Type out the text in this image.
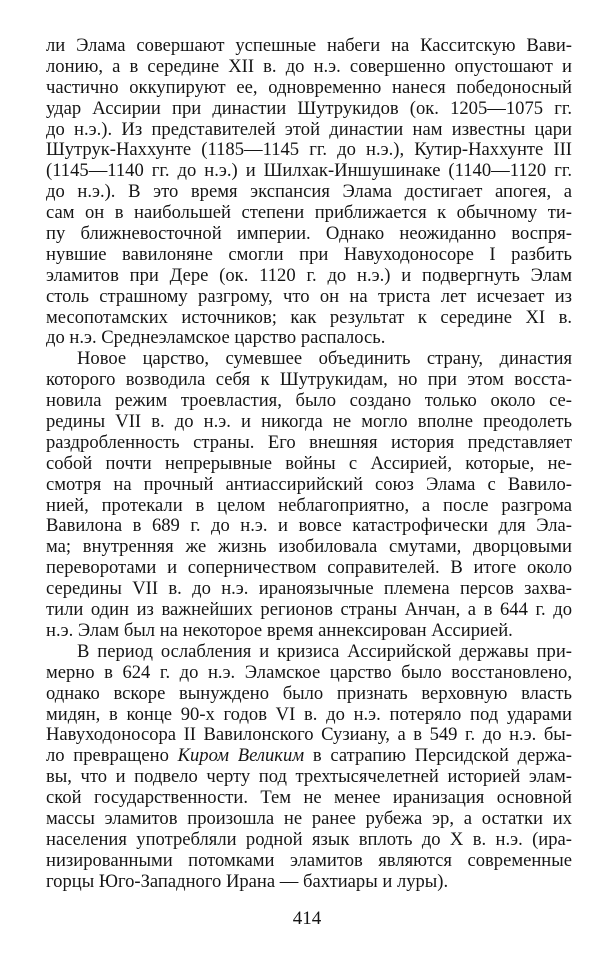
ли Элама совершают успешные набеги на Касситскую Вави-
лонию, а в середине XII в. до н.э. совершенно опустошают и
частично оккупируют ее, одновременно нанеся победоносный
удар Ассирии при династии Шутрукидов (ок. 1205—1075 гг.
до н.э.). Из представителей этой династии нам известны цари
Шутрук-Наххунте (1185—1145 гг. до н.э.), Кутир-Наххунте III
(1145—1140 гг. до н.э.) и Шилхак-Иншушинаке (1140—1120 гг.
до н.э.). В это время экспансия Элама достигает апогея, а
сам он в наибольшей степени приближается к обычному ти-
пу ближневосточной империи. Однако неожиданно воспря-
нувшие вавилоняне смогли при Навуходоносоре I разбить
эламитов при Дере (ок. 1120 г. до н.э.) и подвергнуть Элам
столь страшному разгрому, что он на триста лет исчезает из
месопотамских источников; как результат к середине XI в.
до н.э. Среднеэламское царство распалось.
Новое царство, сумевшее объединить страну, династия
которого возводила себя к Шутрукидам, но при этом восста-
новила режим троевластия, было создано только около се-
редины VII в. до н.э. и никогда не могло вполне преодолеть
раздробленность страны. Его внешняя история представляет
собой почти непрерывные войны с Ассирией, которые, не-
смотря на прочный антиассирийский союз Элама с Вавило-
нией, протекали в целом неблагоприятно, а после разгрома
Вавилона в 689 г. до н.э. и вовсе катастрофически для Эла-
ма; внутренняя же жизнь изобиловала смутами, дворцовыми
переворотами и соперничеством соправителей. В итоге около
середины VII в. до н.э. ираноязычные племена персов захва-
тили один из важнейших регионов страны Анчан, а в 644 г. до
н.э. Элам был на некоторое время аннексирован Ассирией.
В период ослабления и кризиса Ассирийской державы при-
мерно в 624 г. до н.э. Эламское царство было восстановлено,
однако вскоре вынуждено было признать верховную власть
мидян, в конце 90-х годов VI в. до н.э. потеряло под ударами
Навуходоносора II Вавилонского Сузиану, а в 549 г. до н.э. бы-
ло превращено Киром Великим в сатрапию Персидской держа-
вы, что и подвело черту под трехтысячелетней историей элам-
ской государственности. Тем не менее иранизация основной
массы эламитов произошла не ранее рубежа эр, а остатки их
населения употребляли родной язык вплоть до X в. н.э. (ира-
низированными потомками эламитов являются современные
горцы Юго-Западного Ирана — бахтиары и луры).
414
